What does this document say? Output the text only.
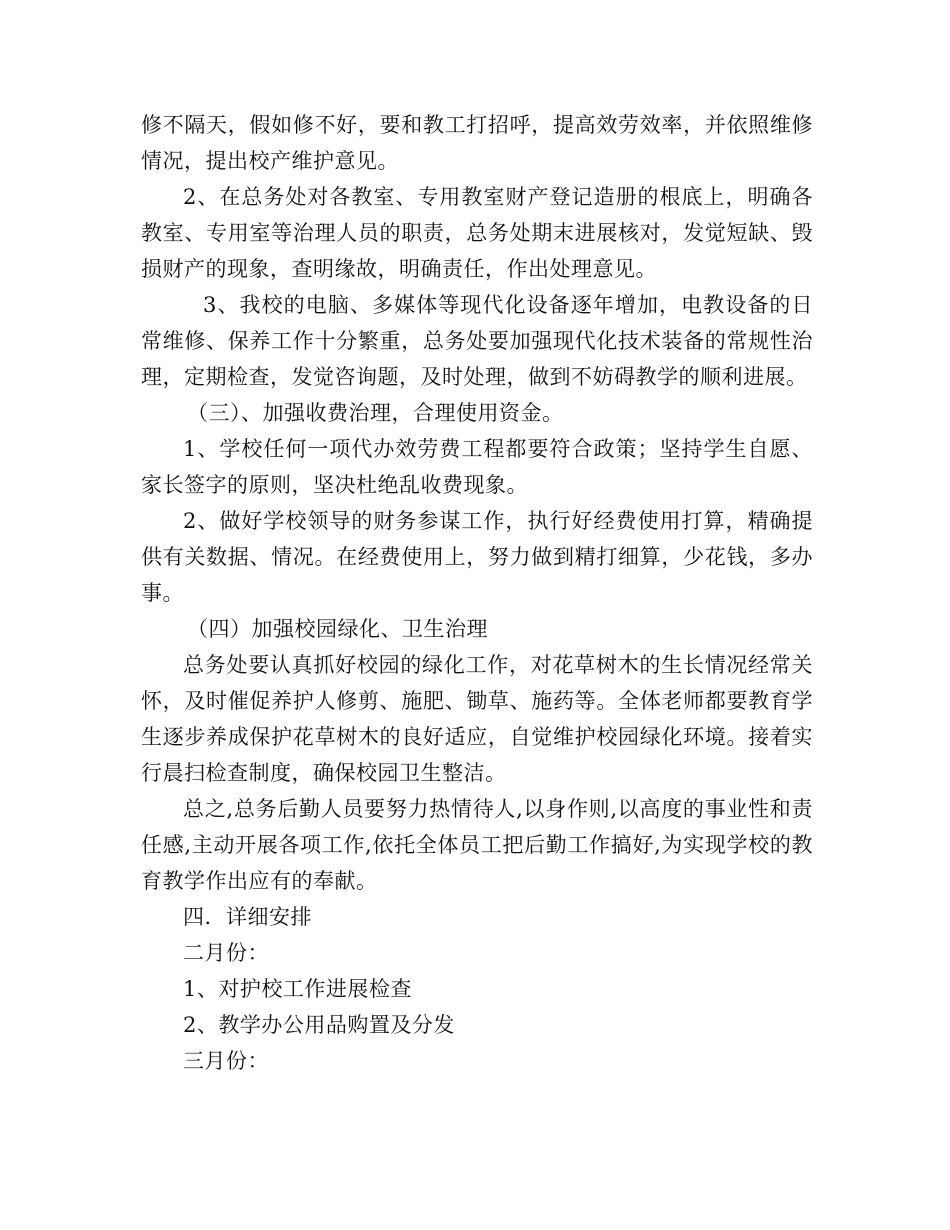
修不隔天，假如修不好，要和教工打招呼，提高效劳效率，并依照维修情况，提出校产维护意见。

2、在总务处对各教室、专用教室财产登记造册的根底上，明确各教室、专用室等治理人员的职责，总务处期末进展核对，发觉短缺、毁损财产的现象，查明缘故，明确责任，作出处理意见。

3、我校的电脑、多媒体等现代化设备逐年增加，电教设备的日常维修、保养工作十分繁重，总务处要加强现代化技术装备的常规性治理，定期检查，发觉咨询题，及时处理，做到不妨碍教学的顺利进展。

（三）、加强收费治理，合理使用资金。

1、学校任何一项代办效劳费工程都要符合政策；坚持学生自愿、家长签字的原则，坚决杜绝乱收费现象。

2、做好学校领导的财务参谋工作，执行好经费使用打算，精确提供有关数据、情况。在经费使用上，努力做到精打细算，少花钱，多办事。

（四）加强校园绿化、卫生治理

总务处要认真抓好校园的绿化工作，对花草树木的生长情况经常关怀，及时催促养护人修剪、施肥、锄草、施药等。全体老师都要教育学生逐步养成保护花草树木的良好适应，自觉维护校园绿化环境。接着实行晨扫检查制度，确保校园卫生整洁。

总之,总务后勤人员要努力热情待人,以身作则,以高度的事业性和责任感,主动开展各项工作,依托全体员工把后勤工作搞好,为实现学校的教育教学作出应有的奉献。

四．详细安排

二月份：

1、对护校工作进展检查

2、教学办公用品购置及分发

三月份：
